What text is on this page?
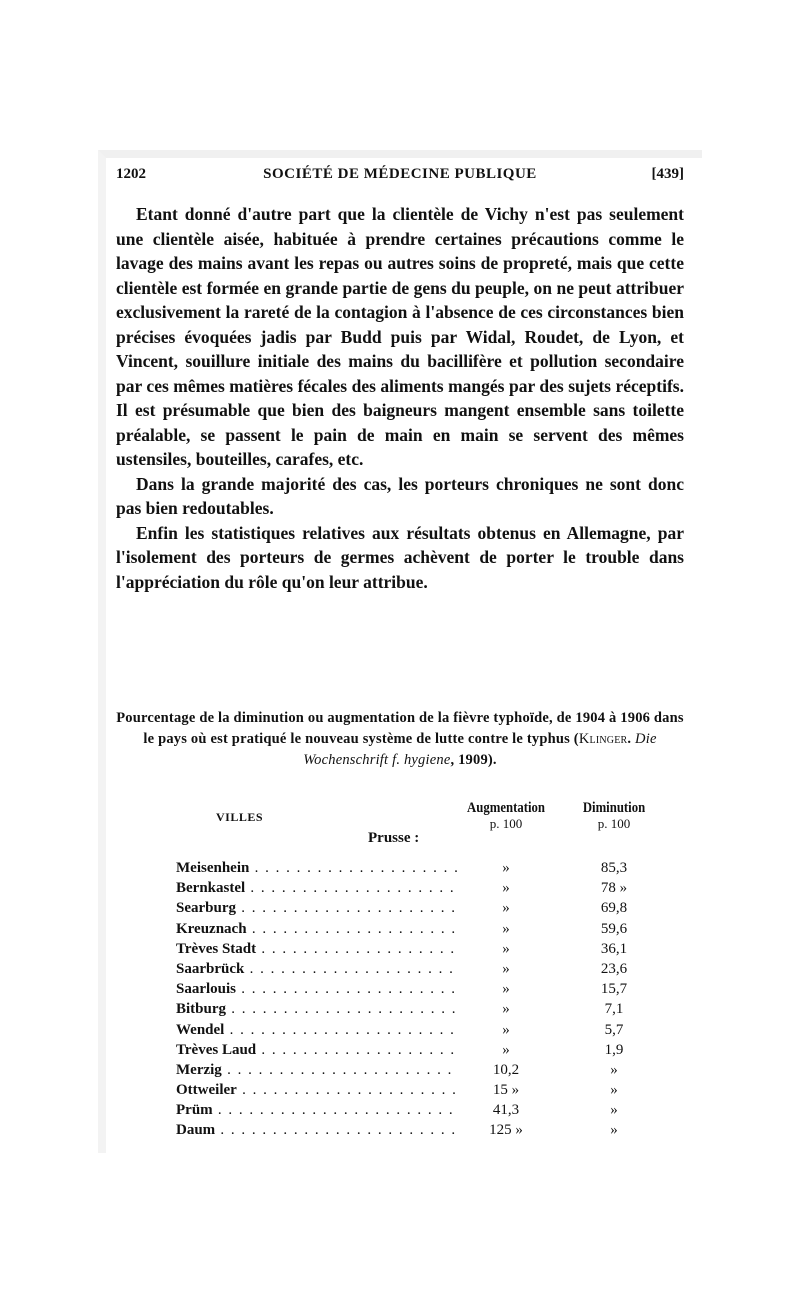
1202	SOCIÉTÉ DE MÉDECINE PUBLIQUE	[439]

Etant donné d'autre part que la clientèle de Vichy n'est pas seulement une clientèle aisée, habituée à prendre certaines précautions comme le lavage des mains avant les repas ou autres soins de propreté, mais que cette clientèle est formée en grande partie de gens du peuple, on ne peut attribuer exclusivement la rareté de la contagion à l'absence de ces circonstances bien précises évoquées jadis par Budd puis par Widal, Roudet, de Lyon, et Vincent, souillure initiale des mains du bacillifère et pollution secondaire par ces mêmes matières fécales des aliments mangés par des sujets réceptifs. Il est présumable que bien des baigneurs mangent ensemble sans toilette préalable, se passent le pain de main en main se servent des mêmes ustensiles, bouteilles, carafes, etc.

Dans la grande majorité des cas, les porteurs chroniques ne sont donc pas bien redoutables.

Enfin les statistiques relatives aux résultats obtenus en Allemagne, par l'isolement des porteurs de germes achèvent de porter le trouble dans l'appréciation du rôle qu'on leur attribue.

Pourcentage de la diminution ou augmentation de la fièvre typhoïde, de 1904 à 1906 dans le pays où est pratiqué le nouveau système de lutte contre le typhus (Klinger. Die Wochenschrift f. hygiene, 1909).
VILLES
Augmentation
p. 100
Diminution
p. 100
Prusse :
Meisenhein . . .	»	85,3
Bernkastel . . .	»	78 »
Searburg . . .	»	69,8
Kreuznach . . .	»	59,6
Trèves Stadt . . .	»	36,1
Saarbrück . . .	»	23,6
Saarlouis . . .	»	15,7
Bitburg . . .	»	7,1
Wendel . . .	»	5,7
Trèves Laud . . .	»	1,9
Merzig . . .	10,2	»
Ottweiler . . .	15 »	»
Prüm . . .	41,3	»
Daum . . .	125 »	»
